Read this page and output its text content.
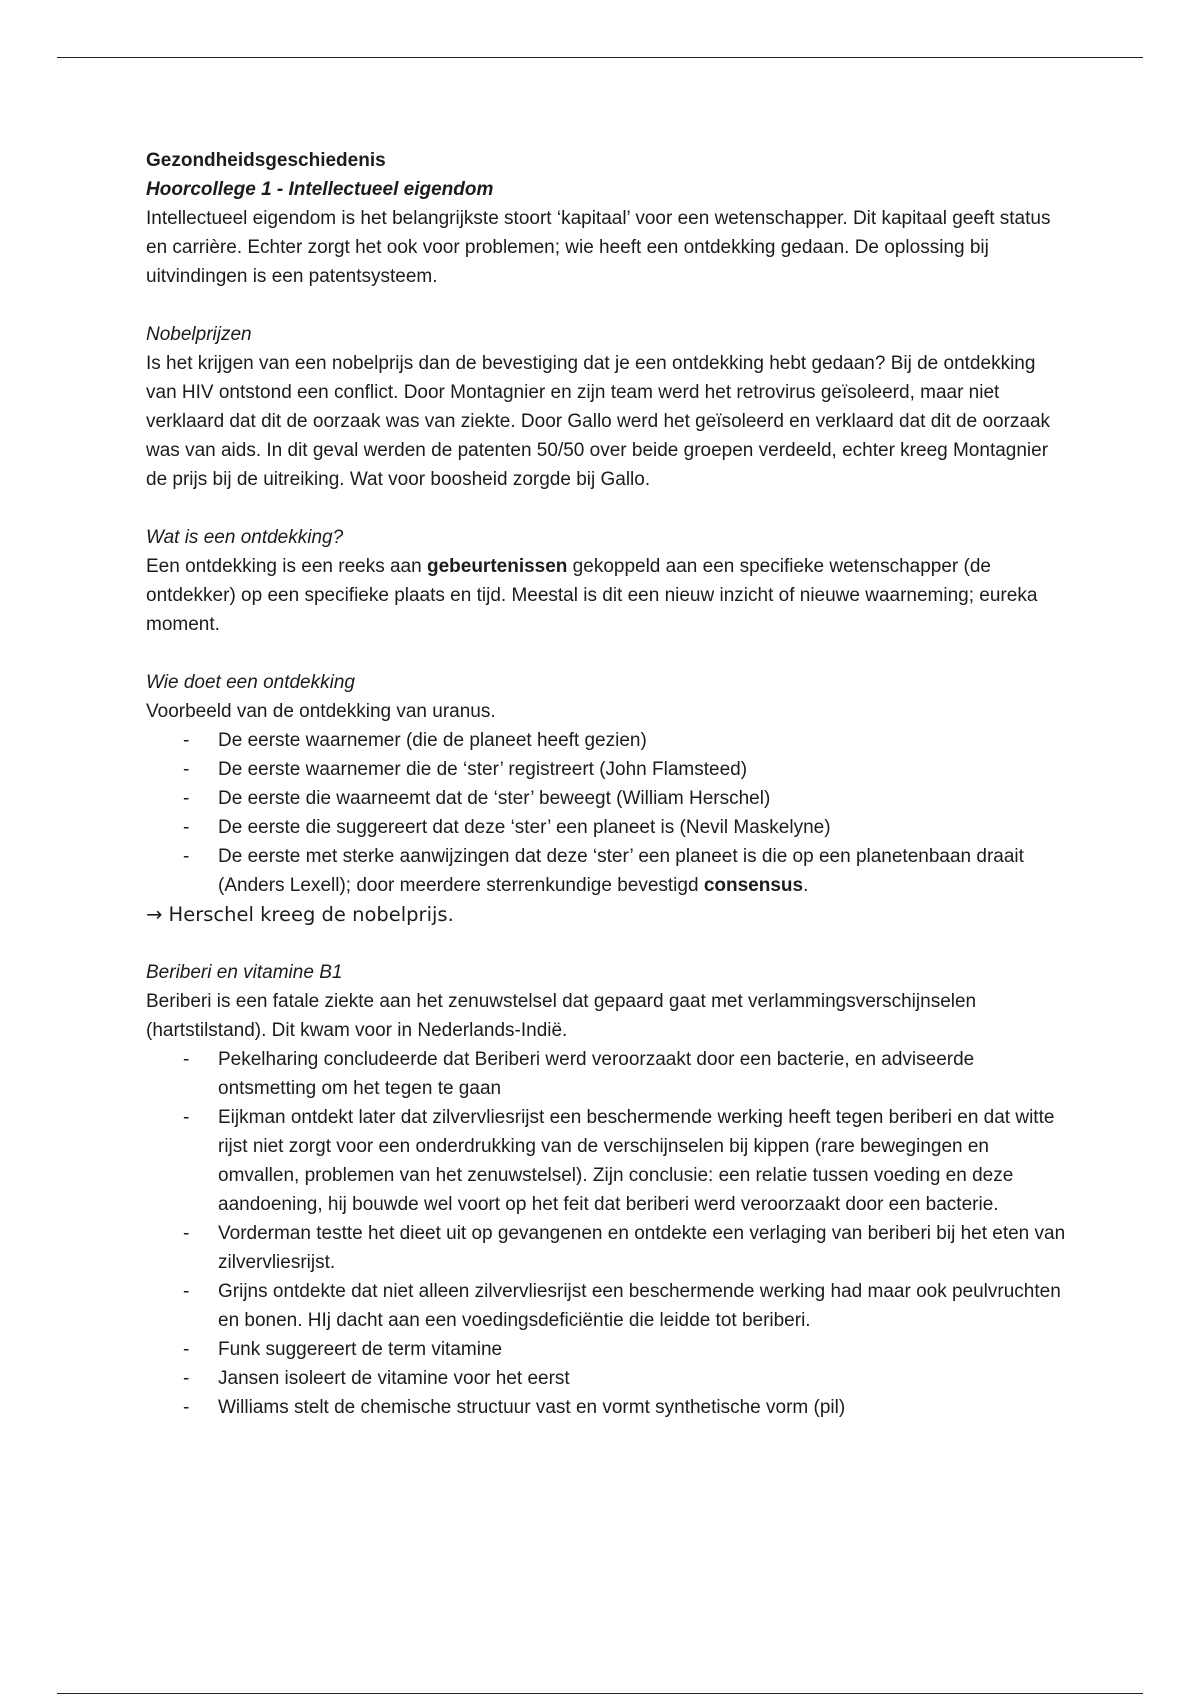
Gezondheidsgeschiedenis

Hoorcollege 1 - Intellectueel eigendom

Intellectueel eigendom is het belangrijkste stoort ‘kapitaal’ voor een wetenschapper. Dit kapitaal geeft status en carrière. Echter zorgt het ook voor problemen; wie heeft een ontdekking gedaan. De oplossing bij uitvindingen is een patentsysteem.

Nobelprijzen

Is het krijgen van een nobelprijs dan de bevestiging dat je een ontdekking hebt gedaan? Bij de ontdekking van HIV ontstond een conflict. Door Montagnier en zijn team werd het retrovirus geïsoleerd, maar niet verklaard dat dit de oorzaak was van ziekte. Door Gallo werd het geïsoleerd en verklaard dat dit de oorzaak was van aids. In dit geval werden de patenten 50/50 over beide groepen verdeeld, echter kreeg Montagnier de prijs bij de uitreiking. Wat voor boosheid zorgde bij Gallo.

Wat is een ontdekking?

Een ontdekking is een reeks aan gebeurtenissen gekoppeld aan een specifieke wetenschapper (de ontdekker) op een specifieke plaats en tijd. Meestal is dit een nieuw inzicht of nieuwe waarneming; eureka moment.

Wie doet een ontdekking

Voorbeeld van de ontdekking van uranus.

- De eerste waarnemer (die de planeet heeft gezien)
- De eerste waarnemer die de ‘ster’ registreert (John Flamsteed)
- De eerste die waarneemt dat de ‘ster’ beweegt (William Herschel)
- De eerste die suggereert dat deze ‘ster’ een planeet is (Nevil Maskelyne)
- De eerste met sterke aanwijzingen dat deze ‘ster’ een planeet is die op een planetenbaan draait (Anders Lexell); door meerdere sterrenkundige bevestigd consensus.

→ Herschel kreeg de nobelprijs.

Beriberi en vitamine B1

Beriberi is een fatale ziekte aan het zenuwstelsel dat gepaard gaat met verlammingsverschijnselen (hartstilstand). Dit kwam voor in Nederlands-Indië.

- Pekelharing concludeerde dat Beriberi werd veroorzaakt door een bacterie, en adviseerde ontsmetting om het tegen te gaan
- Eijkman ontdekt later dat zilvervliesrijst een beschermende werking heeft tegen beriberi en dat witte rijst niet zorgt voor een onderdrukking van de verschijnselen bij kippen (rare bewegingen en omvallen, problemen van het zenuwstelsel). Zijn conclusie: een relatie tussen voeding en deze aandoening, hij bouwde wel voort op het feit dat beriberi werd veroorzaakt door een bacterie.
- Vorderman testte het dieet uit op gevangenen en ontdekte een verlaging van beriberi bij het eten van zilvervliesrijst.
- Grijns ontdekte dat niet alleen zilvervliesrijst een beschermende werking had maar ook peulvruchten en bonen. HIj dacht aan een voedingsdeficiëntie die leidde tot beriberi.
- Funk suggereert de term vitamine
- Jansen isoleert de vitamine voor het eerst
- Williams stelt de chemische structuur vast en vormt synthetische vorm (pil)
